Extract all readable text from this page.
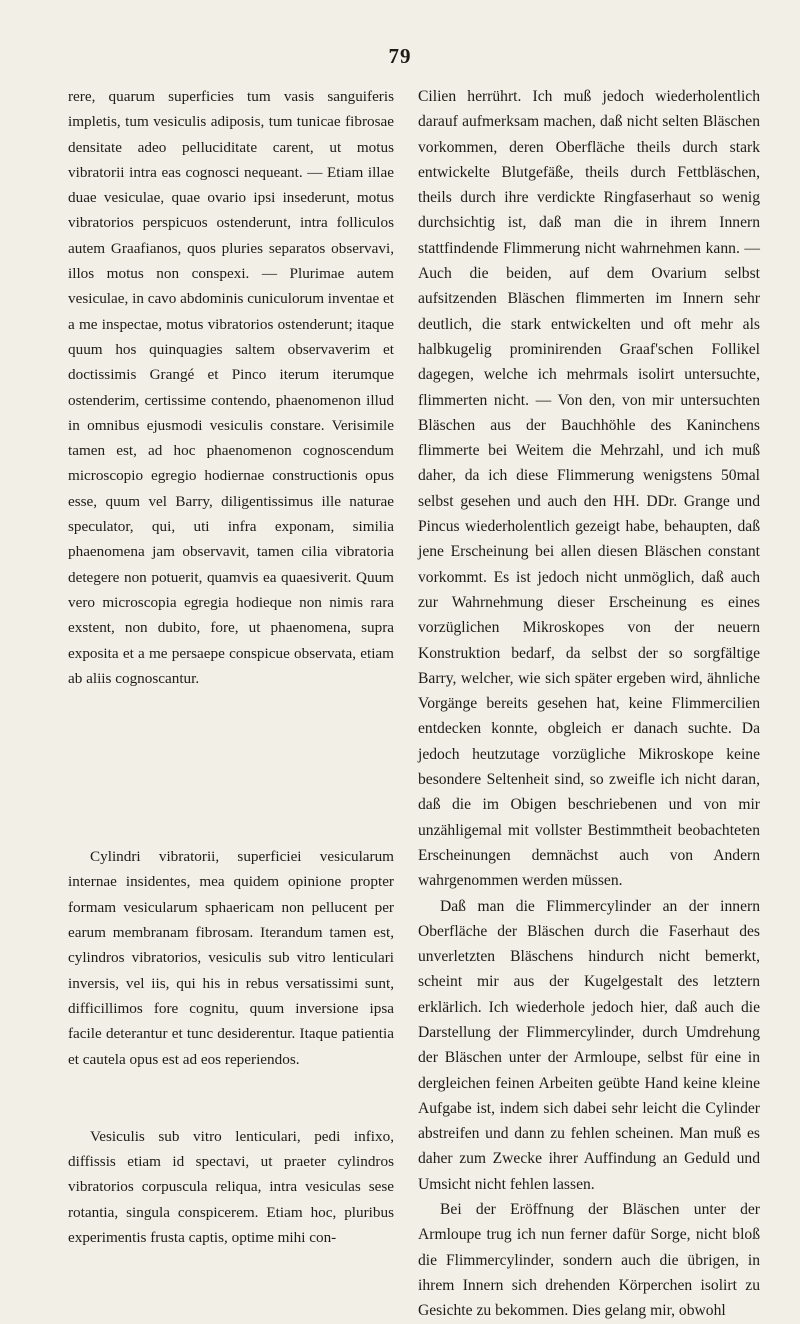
79

rere, quarum superficies tum vasis sanguiferis impletis, tum vesiculis adiposis, tum tunicae fibrosae densitate adeo pelluciditate carent, ut motus vibratorii intra eas cognosci nequeant. — Etiam illae duae vesiculae, quae ovario ipsi insederunt, motus vibratorios perspicuos ostenderunt, intra folliculos autem Graafianos, quos pluries separatos observavi, illos motus non conspexi. — Plurimae autem vesiculae, in cavo abdominis cuniculorum inventae et a me inspectae, motus vibratorios ostenderunt; itaque quum hos quinquagies saltem observaverim et doctissimis Grangé et Pinco iterum iterumque ostenderim, certissime contendo, phaenomenon illud in omnibus ejusmodi vesiculis constare. Verisimile tamen est, ad hoc phaenomenon cognoscendum microscopio egregio hodiernae constructionis opus esse, quum vel Barry, diligentissimus ille naturae speculator, qui, uti infra exponam, similia phaenomena jam observavit, tamen cilia vibratoria detegere non potuerit, quamvis ea quaesiverit. Quum vero microscopia egregia hodieque non nimis rara exstent, non dubito, fore, ut phaenomena, supra exposita et a me persaepe conspicue observata, etiam ab aliis cognoscantur.

Cylindri vibratorii, superficiei vesicularum internae insidentes, mea quidem opinione propter formam vesicularum sphaericam non pellucent per earum membranam fibrosam. Iterandum tamen est, cylindros vibratorios, vesiculis sub vitro lenticulari inversis, vel iis, qui his in rebus versatissimi sunt, difficillimos fore cognitu, quum inversione ipsa facile deterantur et tunc desiderentur. Itaque patientia et cautela opus est ad eos reperiendos.

Vesiculis sub vitro lenticulari, pedi infixo, diffissis etiam id spectavi, ut praeter cylindros vibratorios corpuscula reliqua, intra vesiculas sese rotantia, singula conspicerem. Etiam hoc, pluribus experimentis frusta captis, optime mihi con-

Cilien herrührt. Ich muß jedoch wiederholentlich darauf aufmerksam machen, daß nicht selten Bläschen vorkommen, deren Oberfläche theils durch stark entwickelte Blutgefäße, theils durch Fettbläschen, theils durch ihre verdickte Ringfaserhaut so wenig durchsichtig ist, daß man die in ihrem Innern stattfindende Flimmerung nicht wahrnehmen kann. — Auch die beiden, auf dem Ovarium selbst aufsitzenden Bläschen flimmerten im Innern sehr deutlich, die stark entwickelten und oft mehr als halbkugelig prominirenden Graaf'schen Follikel dagegen, welche ich mehrmals isolirt untersuchte, flimmerten nicht. — Von den, von mir untersuchten Bläschen aus der Bauchhöhle des Kaninchens flimmerte bei Weitem die Mehrzahl, und ich muß daher, da ich diese Flimmerung wenigstens 50mal selbst gesehen und auch den HH. DDr. Grange und Pincus wiederholentlich gezeigt habe, behaupten, daß jene Erscheinung bei allen diesen Bläschen constant vorkommt. Es ist jedoch nicht unmöglich, daß auch zur Wahrnehmung dieser Erscheinung es eines vorzüglichen Mikroskopes von der neuern Konstruktion bedarf, da selbst der so sorgfältige Barry, welcher, wie sich später ergeben wird, ähnliche Vorgänge bereits gesehen hat, keine Flimmercilien entdecken konnte, obgleich er danach suchte. Da jedoch heutzutage vorzügliche Mikroskope keine besondere Seltenheit sind, so zweifle ich nicht daran, daß die im Obigen beschriebenen und von mir unzähligemal mit vollster Bestimmtheit beobachteten Erscheinungen demnächst auch von Andern wahrgenommen werden müssen.

Daß man die Flimmercylinder an der innern Oberfläche der Bläschen durch die Faserhaut des unverletzten Bläschens hindurch nicht bemerkt, scheint mir aus der Kugelgestalt des letztern erklärlich. Ich wiederhole jedoch hier, daß auch die Darstellung der Flimmercylinder, durch Umdrehung der Bläschen unter der Armloupe, selbst für eine in dergleichen feinen Arbeiten geübte Hand keine kleine Aufgabe ist, indem sich dabei sehr leicht die Cylinder abstreifen und dann zu fehlen scheinen. Man muß es daher zum Zwecke ihrer Auffindung an Geduld und Umsicht nicht fehlen lassen.

Bei der Eröffnung der Bläschen unter der Armloupe trug ich nun ferner dafür Sorge, nicht bloß die Flimmercylinder, sondern auch die übrigen, in ihrem Innern sich drehenden Körperchen isolirt zu Gesichte zu bekommen. Dies gelang mir, obwohl
